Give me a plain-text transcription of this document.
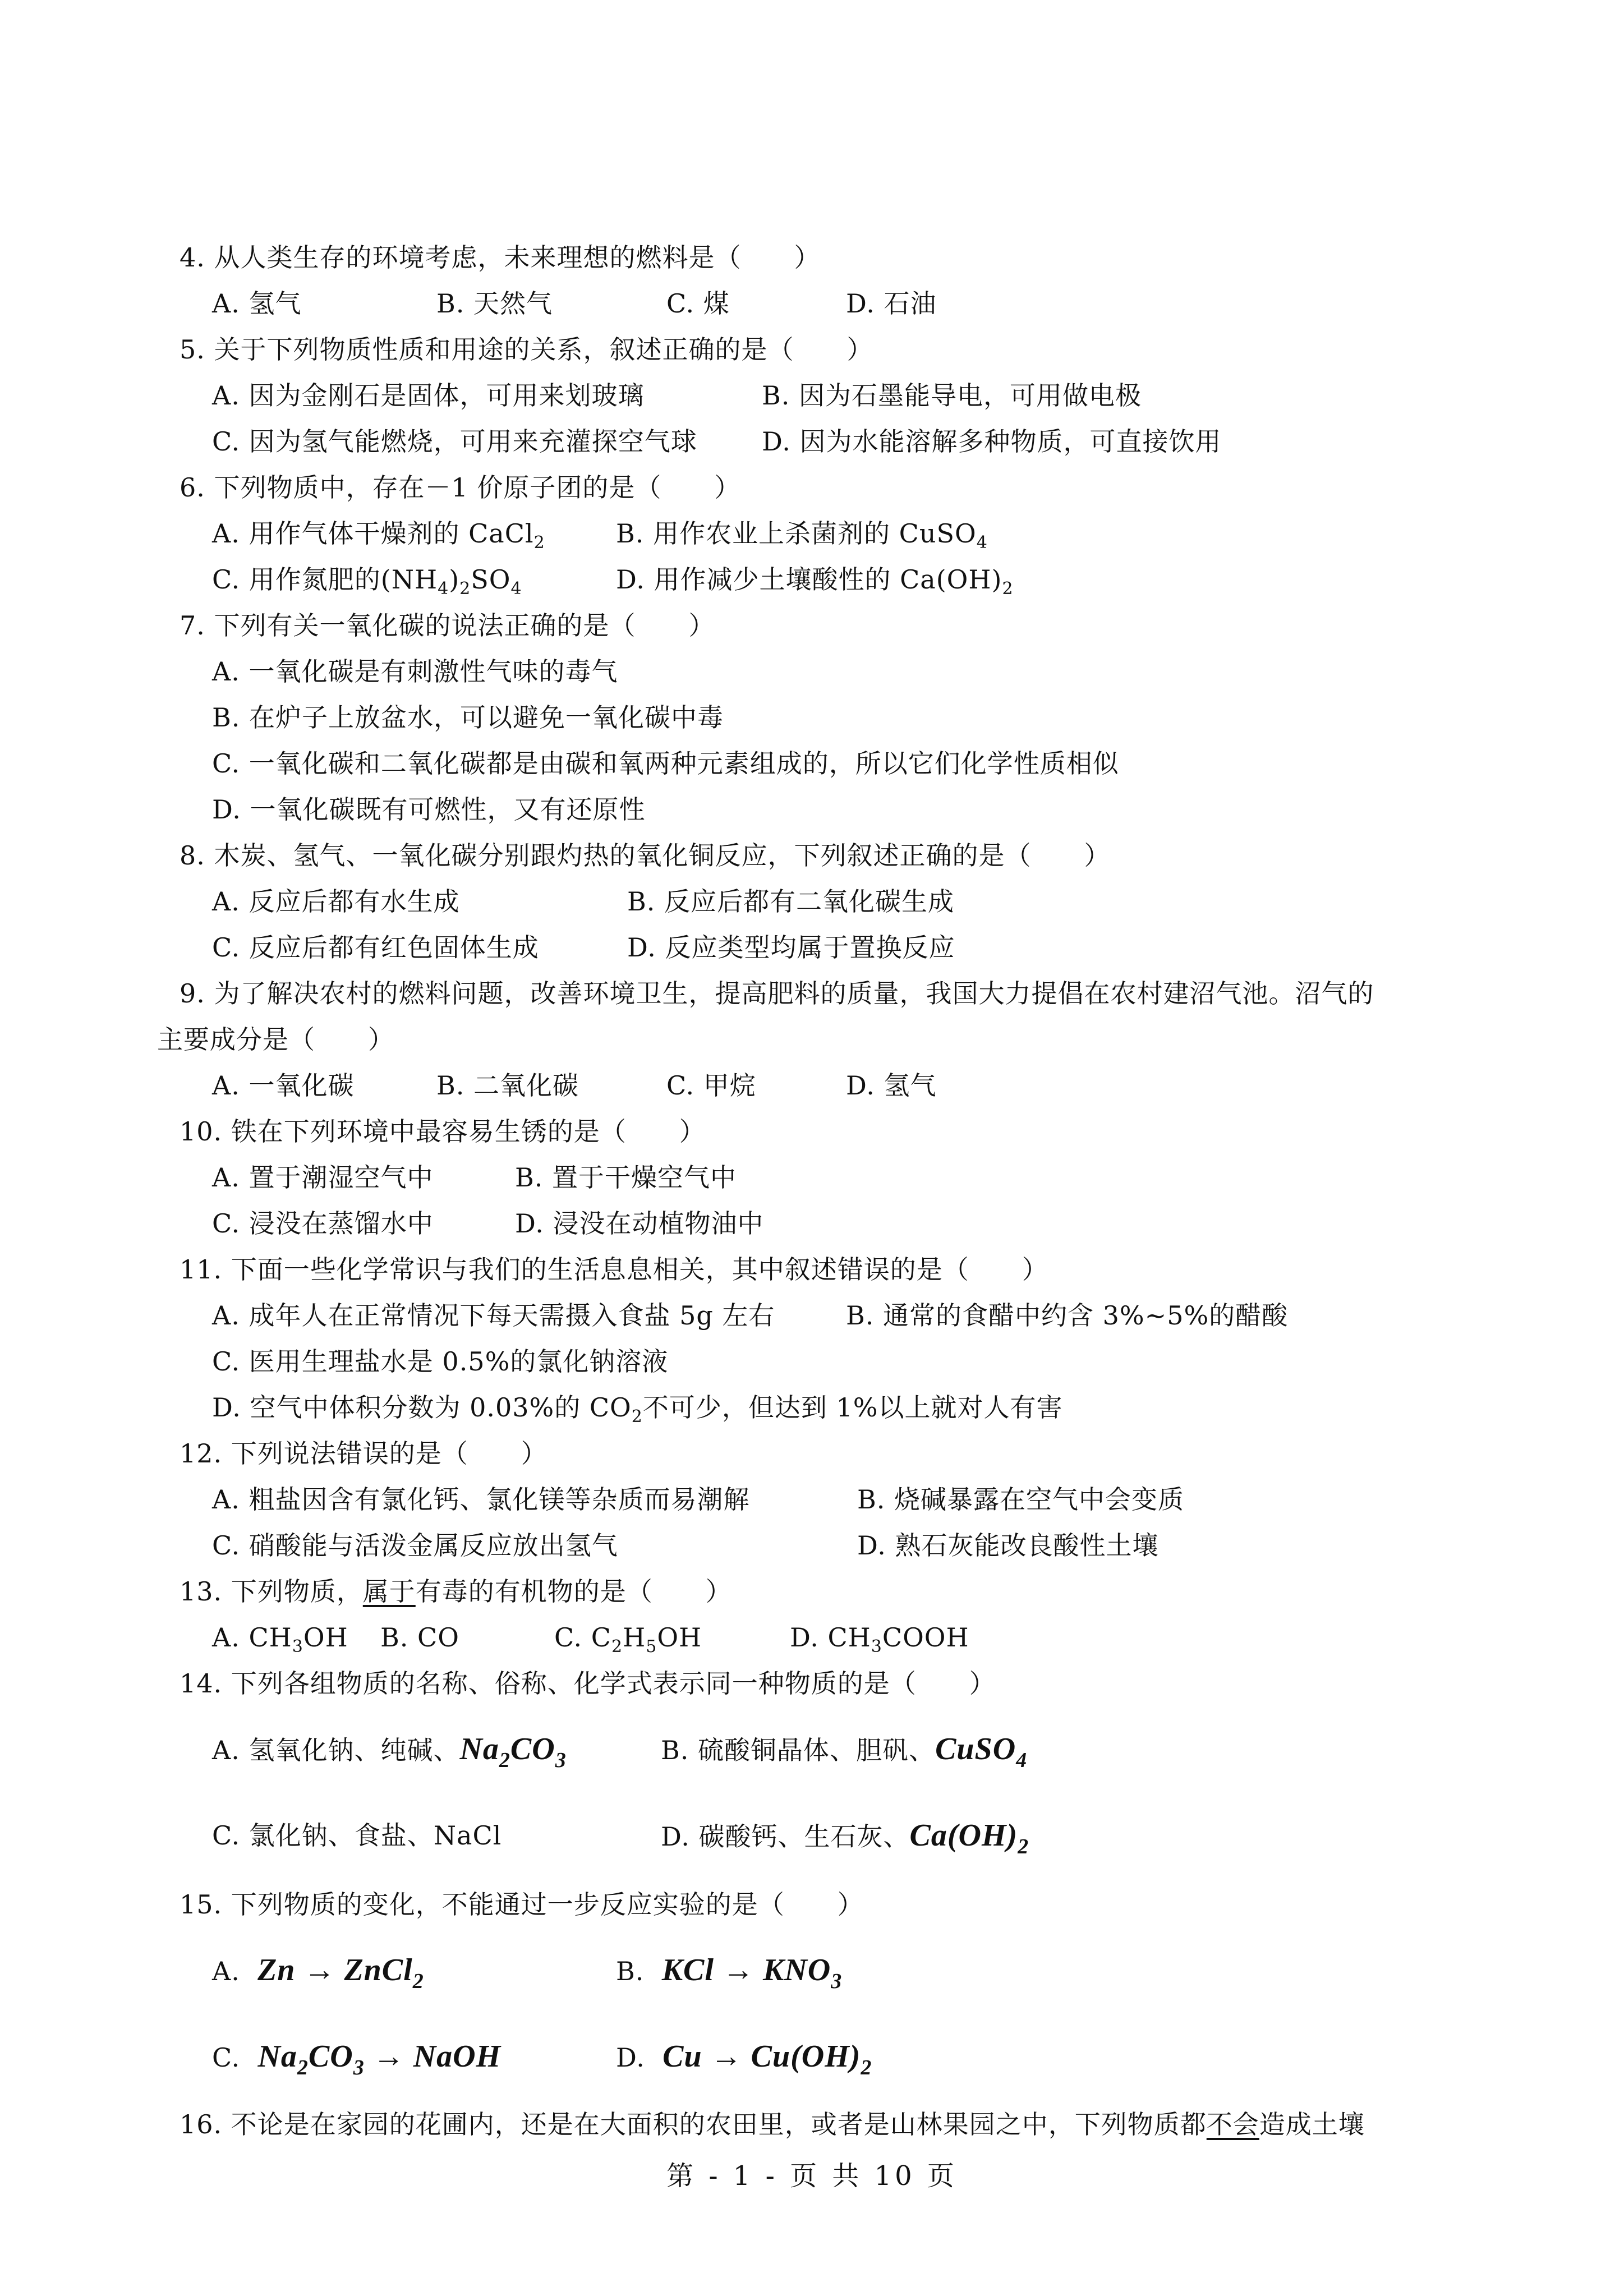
4. 从人类生存的环境考虑，未来理想的燃料是（　　）

A. 氢气

	B. 天然气

	C. 煤

	D. 石油

5. 关于下列物质性质和用途的关系，叙述正确的是（　　）

A. 因为金刚石是固体，可用来划玻璃

	B. 因为石墨能导电，可用做电极

C. 因为氢气能燃烧，可用来充灌探空气球

	D. 因为水能溶解多种物质，可直接饮用

6. 下列物质中，存在－1 价原子团的是（　　）

A. 用作气体干燥剂的 CaCl$_2$

	B. 用作农业上杀菌剂的 CuSO$_4$

C. 用作氮肥的$(NH_4)_2SO_4$

	D. 用作减少土壤酸性的 $Ca(OH)_2$

7. 下列有关一氧化碳的说法正确的是（　　）
A. 一氧化碳是有刺激性气味的毒气
B. 在炉子上放盆水，可以避免一氧化碳中毒
C. 一氧化碳和二氧化碳都是由碳和氧两种元素组成的，所以它们化学性质相似
D. 一氧化碳既有可燃性，又有还原性
8. 木炭、氢气、一氧化碳分别跟灼热的氧化铜反应，下列叙述正确的是（　　）

A. 反应后都有水生成

	B. 反应后都有二氧化碳生成

C. 反应后都有红色固体生成

	D. 反应类型均属于置换反应

9. 为了解决农村的燃料问题，改善环境卫生，提高肥料的质量，我国大力提倡在农村建沼气池。沼气的
主要成分是（　　）

A. 一氧化碳

	B. 二氧化碳

	C. 甲烷

	D. 氢气

10. 铁在下列环境中最容易生锈的是（　　）

A. 置于潮湿空气中

	B. 置于干燥空气中

C. 浸没在蒸馏水中

	D. 浸没在动植物油中

11. 下面一些化学常识与我们的生活息息相关，其中叙述错误的是（　　）

A. 成年人在正常情况下每天需摄入食盐 5g 左右

	B. 通常的食醋中约含 3%~5%的醋酸

C. 医用生理盐水是 0.5%的氯化钠溶液
D. 空气中体积分数为 0.03%的 $CO_2$不可少，但达到 1%以上就对人有害
12. 下列说法错误的是（　　）

A. 粗盐因含有氯化钙、氯化镁等杂质而易潮解

	B. 烧碱暴露在空气中会变质

C. 硝酸能与活泼金属反应放出氢气

	D. 熟石灰能改良酸性土壤

13. 下列物质，属于有毒的有机物的是（　　）

A. $CH_3OH$

B. CO

	C. $C_2H_5OH$

	D. $CH_3COOH$

14. 下列各组物质的名称、俗称、化学式表示同一种物质的是（　　）

A. 氢氧化钠、纯碱、$Na_2CO_3$

	B. 硫酸铜晶体、胆矾、CuSO$_4$

C. 氯化钠、食盐、NaCl

	D. 碳酸钙、生石灰、$Ca(OH)_2$

15. 下列物质的变化，不能通过一步反应实验的是（　　）

A. Zn → ZnCl$_2$

	B. KCl → $KNO_3$

C. $Na_2CO_3$ → NaOH

	D. $Cu \to Cu(OH)_2$

16. 不论是在家园的花圃内，还是在大面积的农田里，或者是山林果园之中，下列物质都不会造成土壤
第 - 1 - 页 共 10 页
